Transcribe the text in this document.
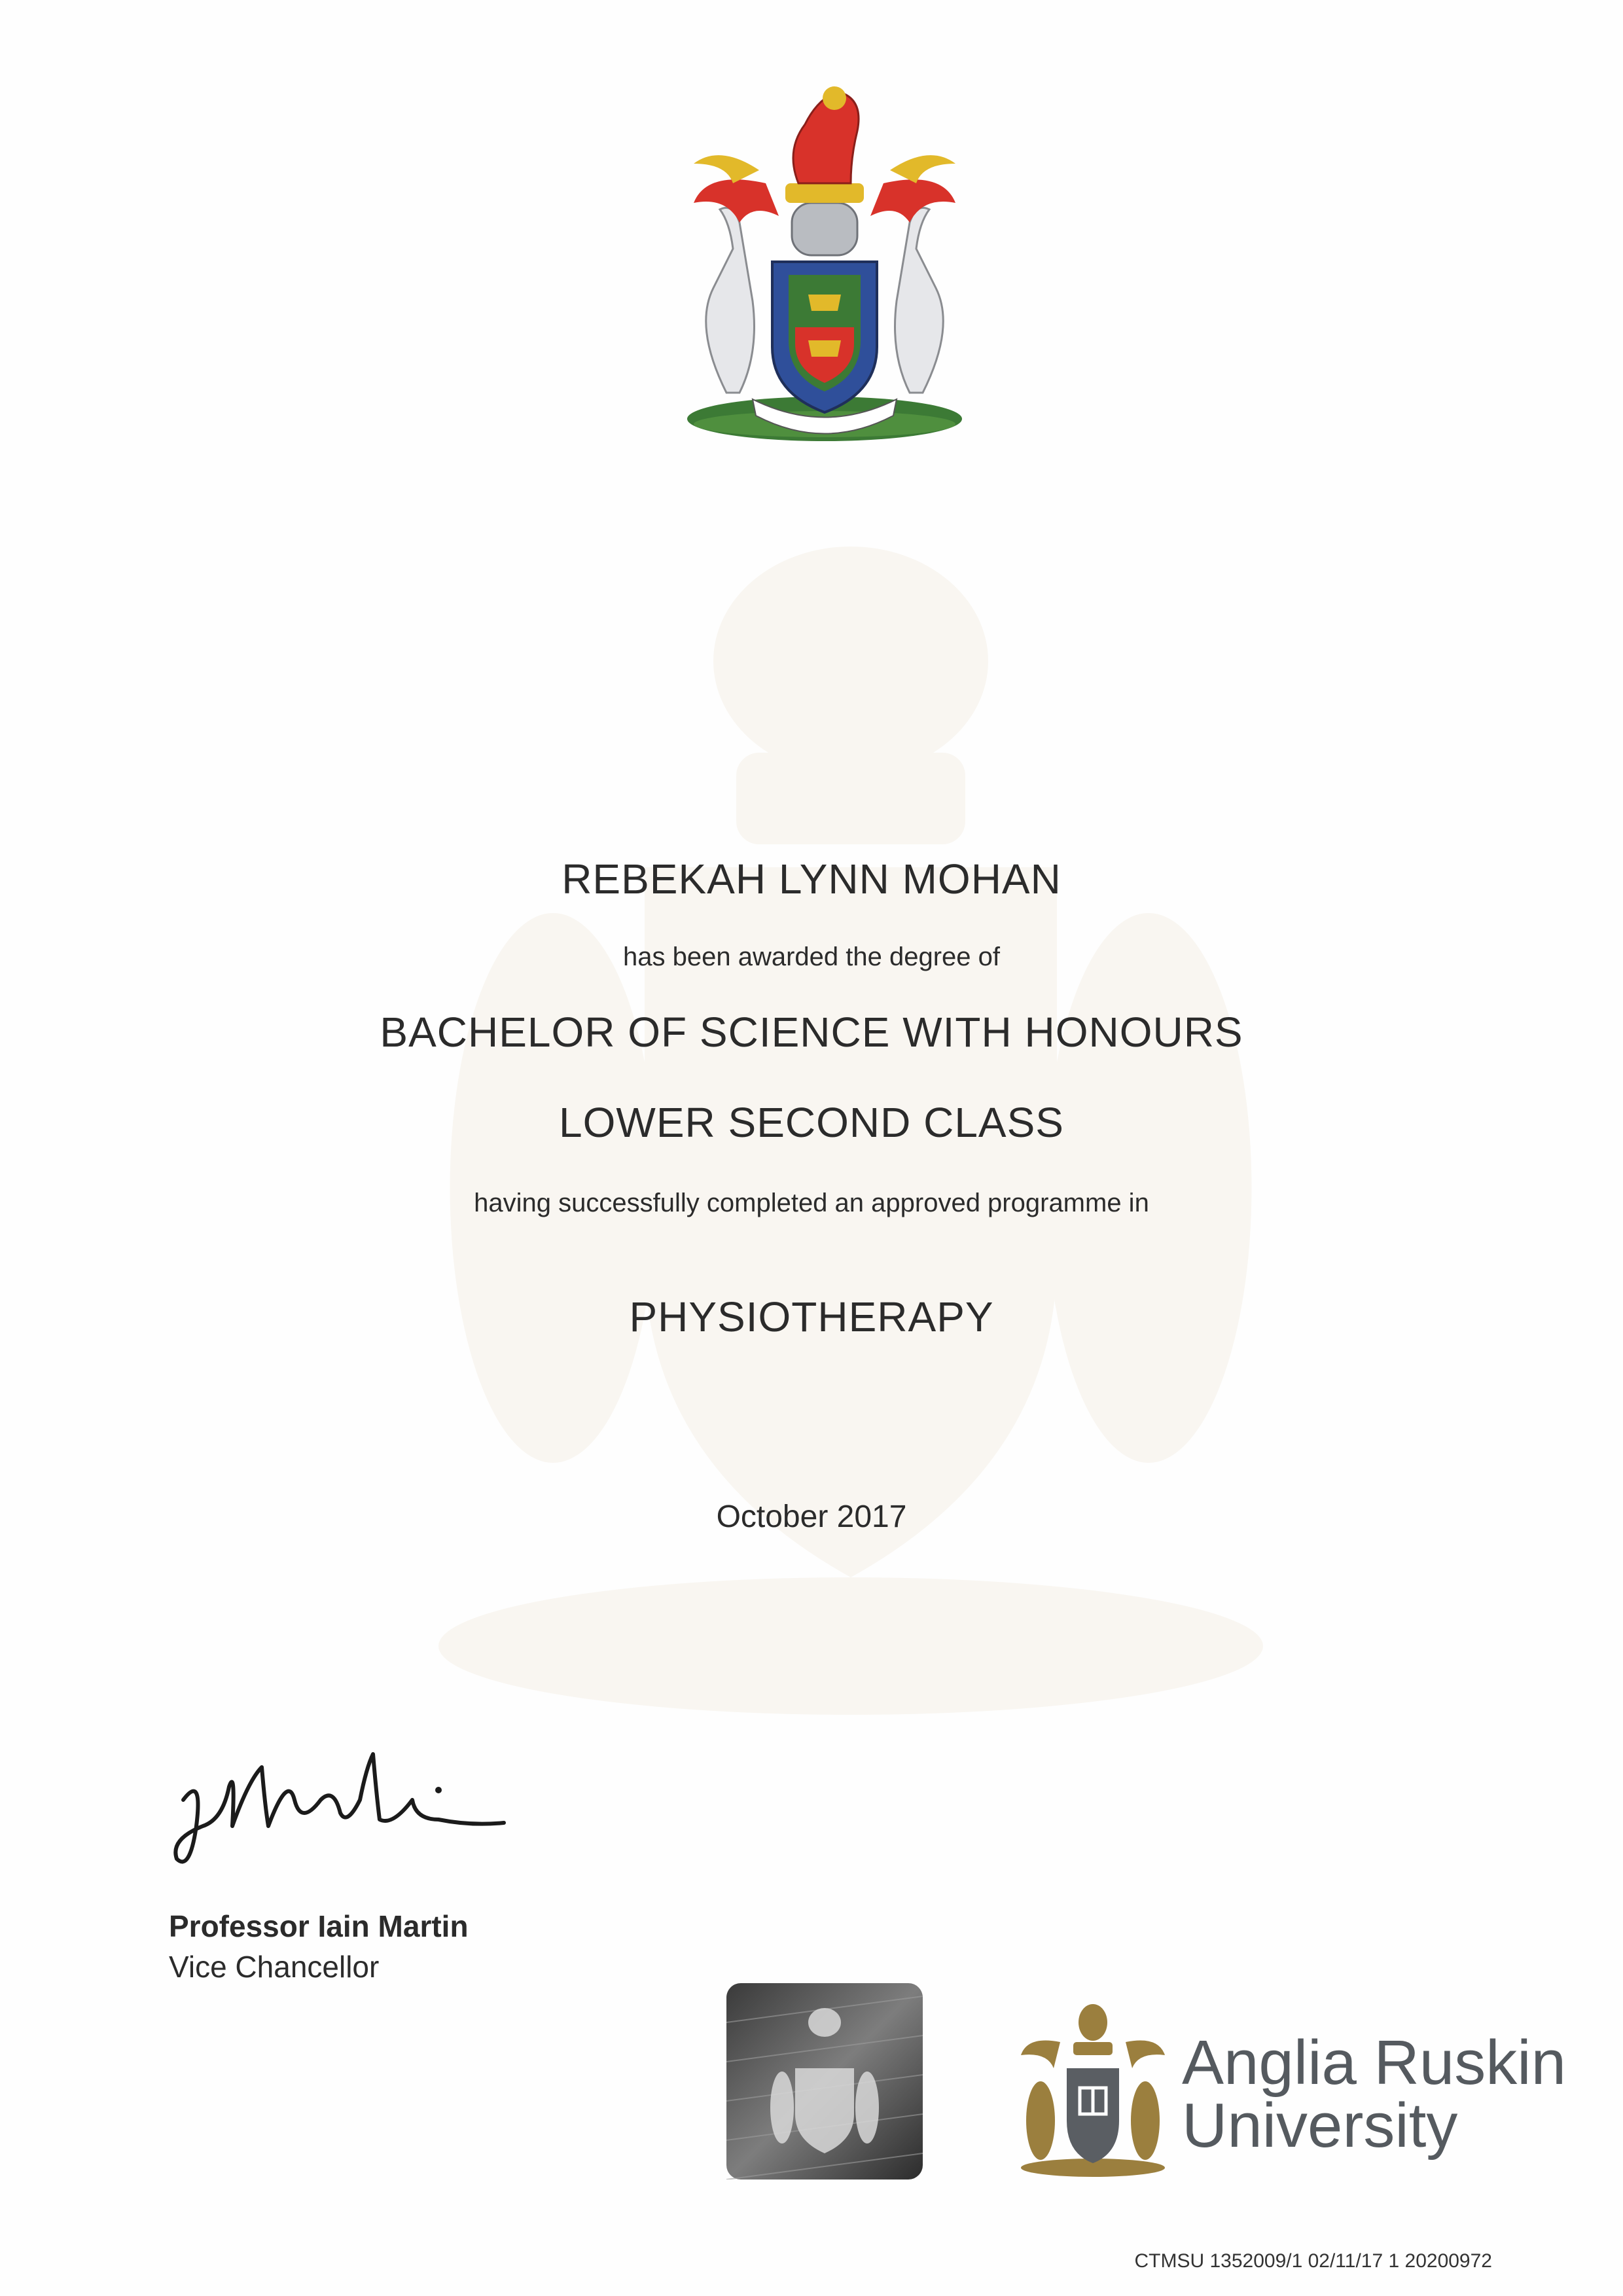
REBEKAH LYNN MOHAN
has been awarded the degree of
BACHELOR OF SCIENCE WITH HONOURS
LOWER SECOND CLASS
having successfully completed an approved programme in
PHYSIOTHERAPY
October 2017
Professor Iain Martin
Vice Chancellor
Anglia Ruskin
University
CTMSU 1352009/1 02/11/17 1 20200972
